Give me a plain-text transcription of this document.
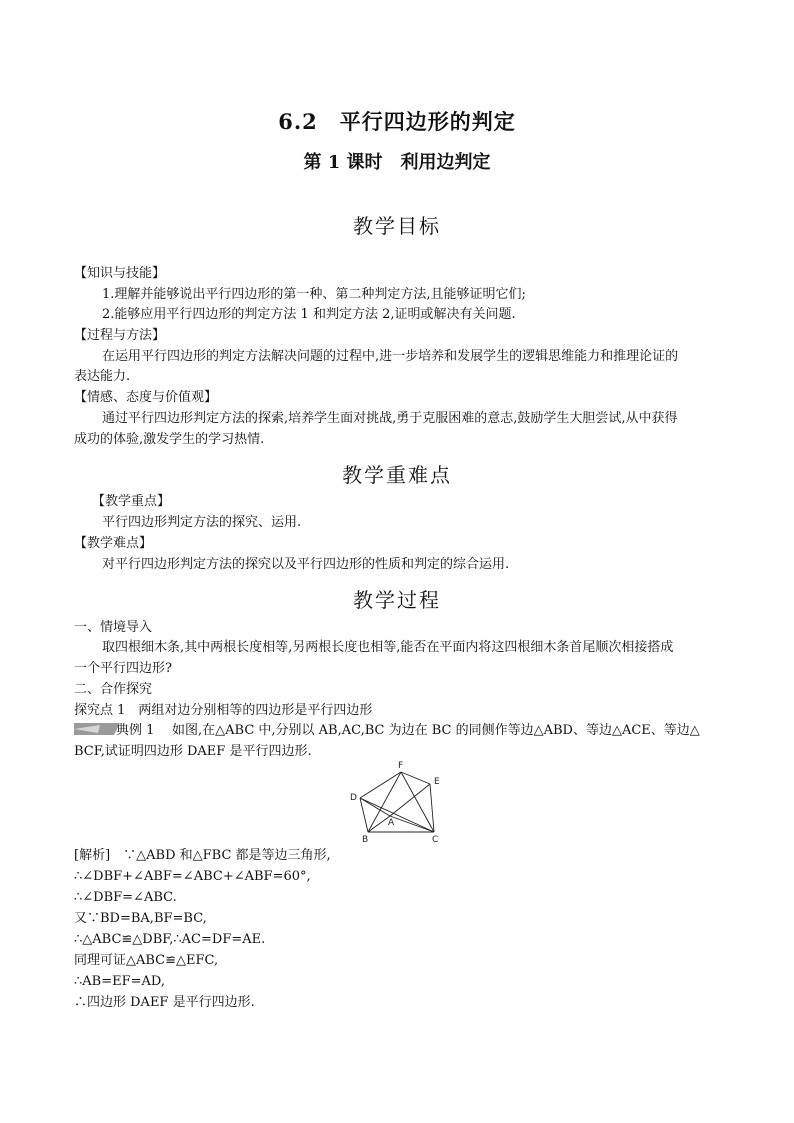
6.2　平行四边形的判定
第 1 课时　利用边判定
教学目标
【知识与技能】
1.理解并能够说出平行四边形的第一种、第二种判定方法,且能够证明它们;
2.能够应用平行四边形的判定方法 1 和判定方法 2,证明或解决有关问题.
【过程与方法】
在运用平行四边形的判定方法解决问题的过程中,进一步培养和发展学生的逻辑思维能力和推理论证的
表达能力.
【情感、态度与价值观】
通过平行四边形判定方法的探索,培养学生面对挑战,勇于克服困难的意志,鼓励学生大胆尝试,从中获得
成功的体验,激发学生的学习热情.
教学重难点
【教学重点】
平行四边形判定方法的探究、运用.
【教学难点】
对平行四边形判定方法的探究以及平行四边形的性质和判定的综合运用.
教学过程
一、情境导入
取四根细木条,其中两根长度相等,另两根长度也相等,能否在平面内将这四根细木条首尾顺次相接搭成
一个平行四边形?
二、合作探究
探究点 1　两组对边分别相等的四边形是平行四边形
典例 1 如图,在△ABC 中,分别以 AB,AC,BC 为边在 BC 的同侧作等边△ABD、等边△ACE、等边△
BCF,试证明四边形 DAEF 是平行四边形.
F
E
D
A
B	C
[解析]　∵△ABD 和△FBC 都是等边三角形,
∴∠DBF+∠ABF=∠ABC+∠ABF=60°,
∴∠DBF=∠ABC.
又∵BD=BA,BF=BC,
∴△ABC≌△DBF,∴AC=DF=AE.
同理可证△ABC≌△EFC,
∴AB=EF=AD,
∴四边形 DAEF 是平行四边形.
